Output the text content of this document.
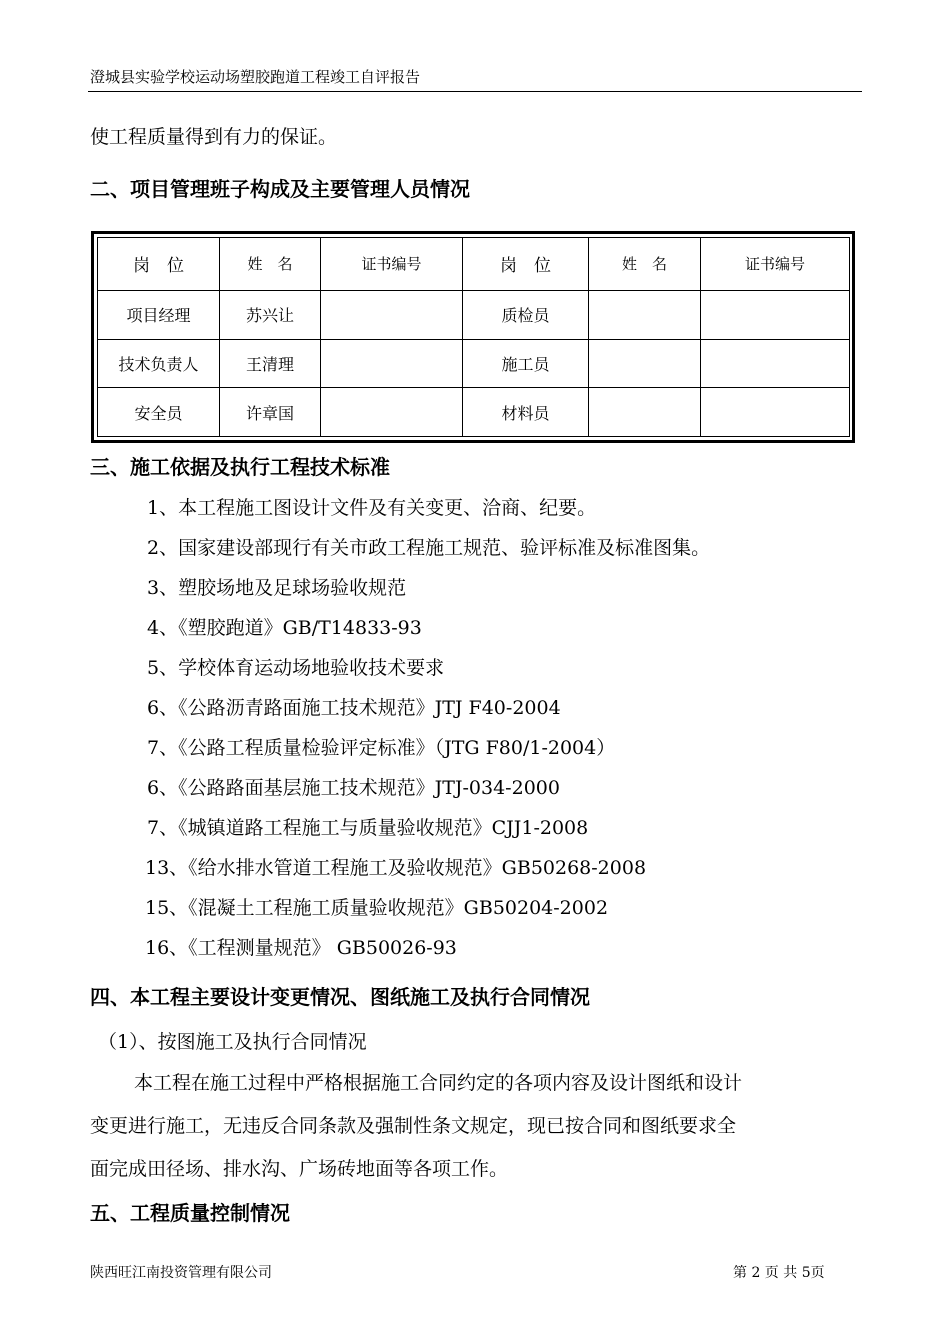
澄城县实验学校运动场塑胶跑道工程竣工自评报告
使工程质量得到有力的保证。
二、项目管理班子构成及主要管理人员情况
岗　位	姓　名	证书编号	岗　位	姓　名	证书编号
项目经理	苏兴让		质检员		
技术负责人	王清理		施工员		
安全员	许章国		材料员		
三、施工依据及执行工程技术标准
1、本工程施工图设计文件及有关变更、洽商、纪要。
2、国家建设部现行有关市政工程施工规范、验评标准及标准图集。
3、塑胶场地及足球场验收规范
4、《塑胶跑道》GB/T14833-93
5、学校体育运动场地验收技术要求
6、《公路沥青路面施工技术规范》JTJ F40-2004
7、《公路工程质量检验评定标准》（JTG F80/1-2004）
6、《公路路面基层施工技术规范》JTJ-034-2000
7、《城镇道路工程施工与质量验收规范》CJJ1-2008
13、《给水排水管道工程施工及验收规范》GB50268-2008
15、《混凝土工程施工质量验收规范》GB50204-2002
16、《工程测量规范》 GB50026-93
四、本工程主要设计变更情况、图纸施工及执行合同情况
（1）、按图施工及执行合同情况
本工程在施工过程中严格根据施工合同约定的各项内容及设计图纸和设计
变更进行施工，无违反合同条款及强制性条文规定，现已按合同和图纸要求全
面完成田径场、排水沟、广场砖地面等各项工作。
五、工程质量控制情况
陕西旺江南投资管理有限公司	第 2 页 共 5页
